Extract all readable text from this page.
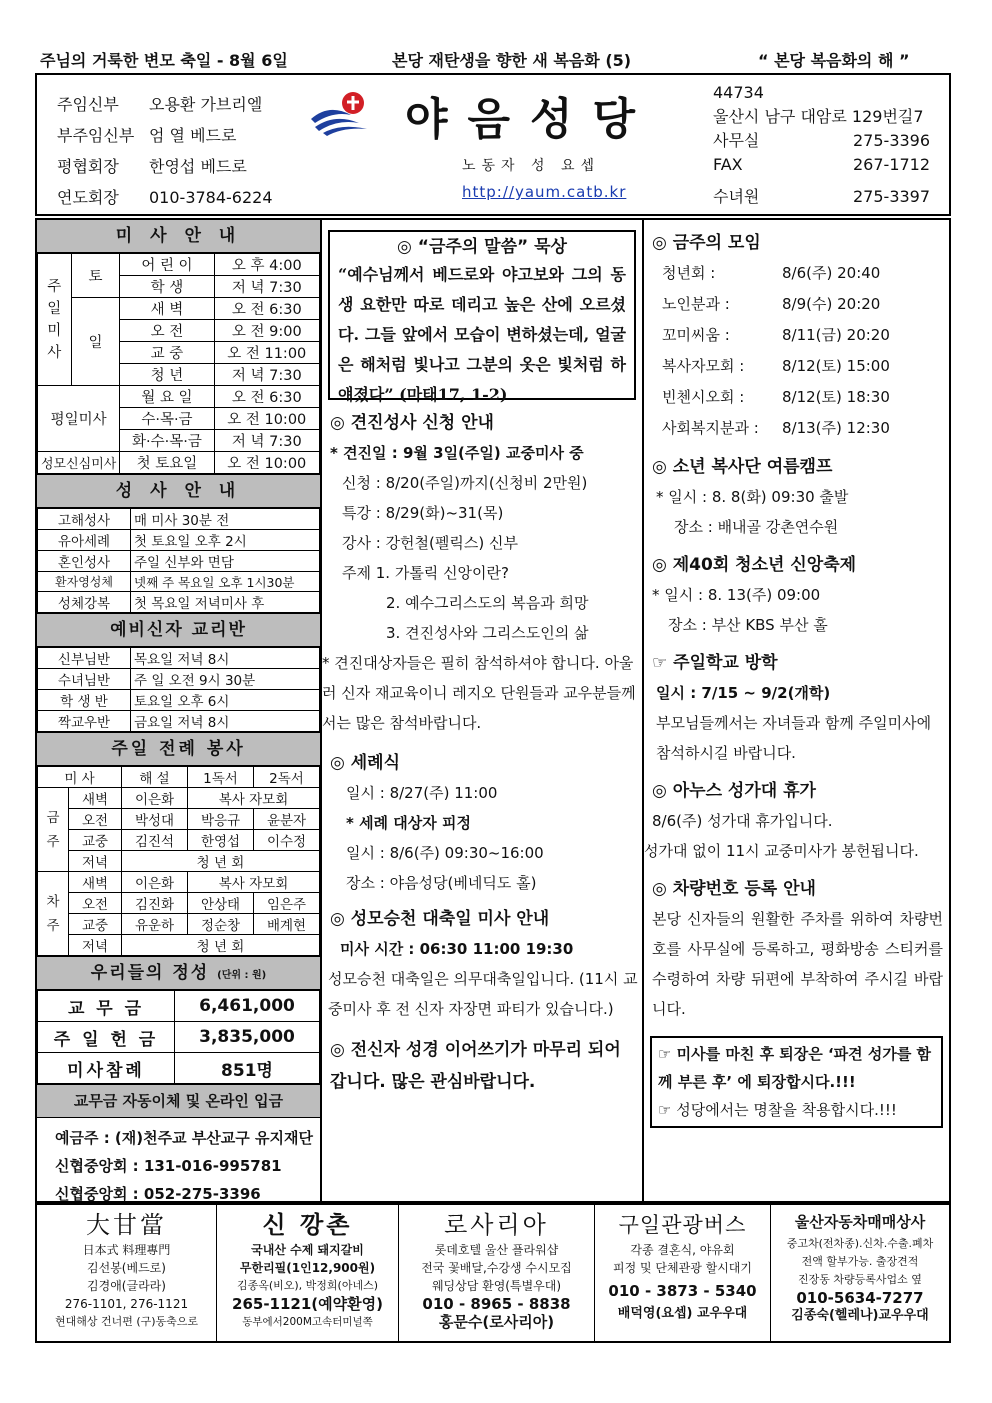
주님의 거룩한 변모 축일 - 8월 6일	본당 재탄생을 향한 새 복음화 (5)	“ 본당 복음화의 해 ”
주임신부	오용환 가브리엘
부주임신부 엄 열 베드로
평협회장	한영섭 베드로
연도회장	010-3784-6224
야음성당
노동자 성 요셉
http://yaum.catb.kr
44734
울산시 남구 대암로 129번길7
사무실	275-3396
FAX	267-1712
수녀원	275-3397
미 사 안 내
주일미사	토	어 린 이	오 후 4:00
		학 생	저 녁 7:30
	일	새 벽	오 전 6:30
		오 전	오 전 9:00
		교 중	오 전 11:00
		청 년	저 녁 7:30
평일미사		월 요 일	오 전 6:30
		수·목·금	오 전 10:00
		화·수·목·금	저 녁 7:30
성모신심미사		첫 토요일	오 전 10:00
성 사 안 내
고해성사	매 미사 30분 전
유아세례	첫 토요일 오후 2시
혼인성사	주일 신부와 면담
환자영성체	넷째 주 목요일 오후 1시30분
성체강복	첫 목요일 저녁미사 후
예비신자 교리반
신부님반	목요일 저녁 8시
수녀님반	주 일 오전 9시 30분
학 생 반	토요일 오후 6시
짝교우반	금요일 저녁 8시
주일 전례 봉사
미 사		해 설	1독서	2독서
금주	새벽	이은화	복사 자모회	
	오전	박성대	박응규	윤분자
	교중	김진석	한영섭	이수정
	저녁	청 년 회		
차주	새벽	이은화	복사 자모회	
	오전	김진화	안상태	임은주
	교중	유운하	정순창	배계현
	저녁	청 년 회		
우리들의 정성 (단위 : 원)
교 무 금	6,461,000
주 일 헌 금	3,835,000
미사참례	851명
교무금 자동이체 및 온라인 입금
예금주 : (재)천주교 부산교구 유지재단
신협중앙회 : 131-016-995781
신협중앙회 : 052-275-3396
◎ “금주의 말씀” 묵상
“예수님께서 베드로와 야고보와 그의 동생 요한만 따로 데리고 높은 산에 오르셨다. 그들 앞에서 모습이 변하셨는데, 얼굴은 해처럼 빛나고 그분의 옷은 빛처럼 하얘졌다” (마태17, 1-2)
◎ 견진성사 신청 안내
* 견진일 : 9월 3일(주일) 교중미사 중
신청 : 8/20(주일)까지(신청비 2만원)
특강 : 8/29(화)~31(목)
강사 : 강헌철(펠릭스) 신부
주제 1. 가톨릭 신앙이란?
2. 예수그리스도의 복음과 희망
3. 견진성사와 그리스도인의 삶
* 견진대상자들은 필히 참석하셔야 합니다. 아울러 신자 재교육이니 레지오 단원들과 교우분들께서는 많은 참석바랍니다.
◎ 세례식
일시 : 8/27(주) 11:00
* 세례 대상자 피정
일시 : 8/6(주) 09:30~16:00
장소 : 야음성당(베네딕도 홀)
◎ 성모승천 대축일 미사 안내
미사 시간 : 06:30 11:00 19:30
성모승천 대축일은 의무대축일입니다. (11시 교중미사 후 전 신자 자장면 파티가 있습니다.)
◎ 전신자 성경 이어쓰기가 마무리 되어 갑니다. 많은 관심바랍니다.
◎ 금주의 모임
청년회 :	8/6(주) 20:40
노인분과 :	8/9(수) 20:20
꼬미씨움 :	8/11(금) 20:20
복사자모회 :	8/12(토) 15:00
빈첸시오회 :	8/12(토) 18:30
사회복지분과 :	8/13(주) 12:30
◎ 소년 복사단 여름캠프
* 일시 : 8. 8(화) 09:30 출발
장소 : 배내골 강촌연수원
◎ 제40회 청소년 신앙축제
* 일시 : 8. 13(주) 09:00
장소 : 부산 KBS 부산 홀
☞ 주일학교 방학
일시 : 7/15 ~ 9/2(개학)
부모님들께서는 자녀들과 함께 주일미사에 참석하시길 바랍니다.
◎ 아누스 성가대 휴가
8/6(주) 성가대 휴가입니다.
성가대 없이 11시 교중미사가 봉헌됩니다.
◎ 차량번호 등록 안내
본당 신자들의 원활한 주차를 위하여 차량번호를 사무실에 등록하고, 평화방송 스티커를 수령하여 차량 뒤편에 부착하여 주시길 바랍니다.
☞ 미사를 마친 후 퇴장은 ‘파견 성가를 함께 부른 후’ 에 퇴장합시다.!!!
☞ 성당에서는 명찰을 착용합시다.!!!
大甘當
日本式 料理專門
김선봉(베드로)
김경애(글라라)
276-1101, 276-1121
현대해상 건너편 (구)동축으로
신 깡촌
국내산 수제 돼지갈비
무한리필(1인12,900원)
김종옥(비오), 박정희(아네스)
265-1121(예약환영)
동부에서200M고속터미널쪽
로사리아
롯데호텔 울산 플라워샵
전국 꽃배달,수강생 수시모집
웨딩상담 환영(특별우대)
010 - 8965 - 8838
홍문수(로사리아)
구일관광버스
각종 결혼식, 야유회
피정 및 단체관광 할시대기
010 - 3873 - 5340
배덕영(요셉) 교우우대
울산자동차매매상사
중고차(전차종).신차.수출.폐차
전액 할부가능. 출장견적
진장동 차량등록사업소 옆
010-5634-7277
김종숙(헬레나)교우우대
